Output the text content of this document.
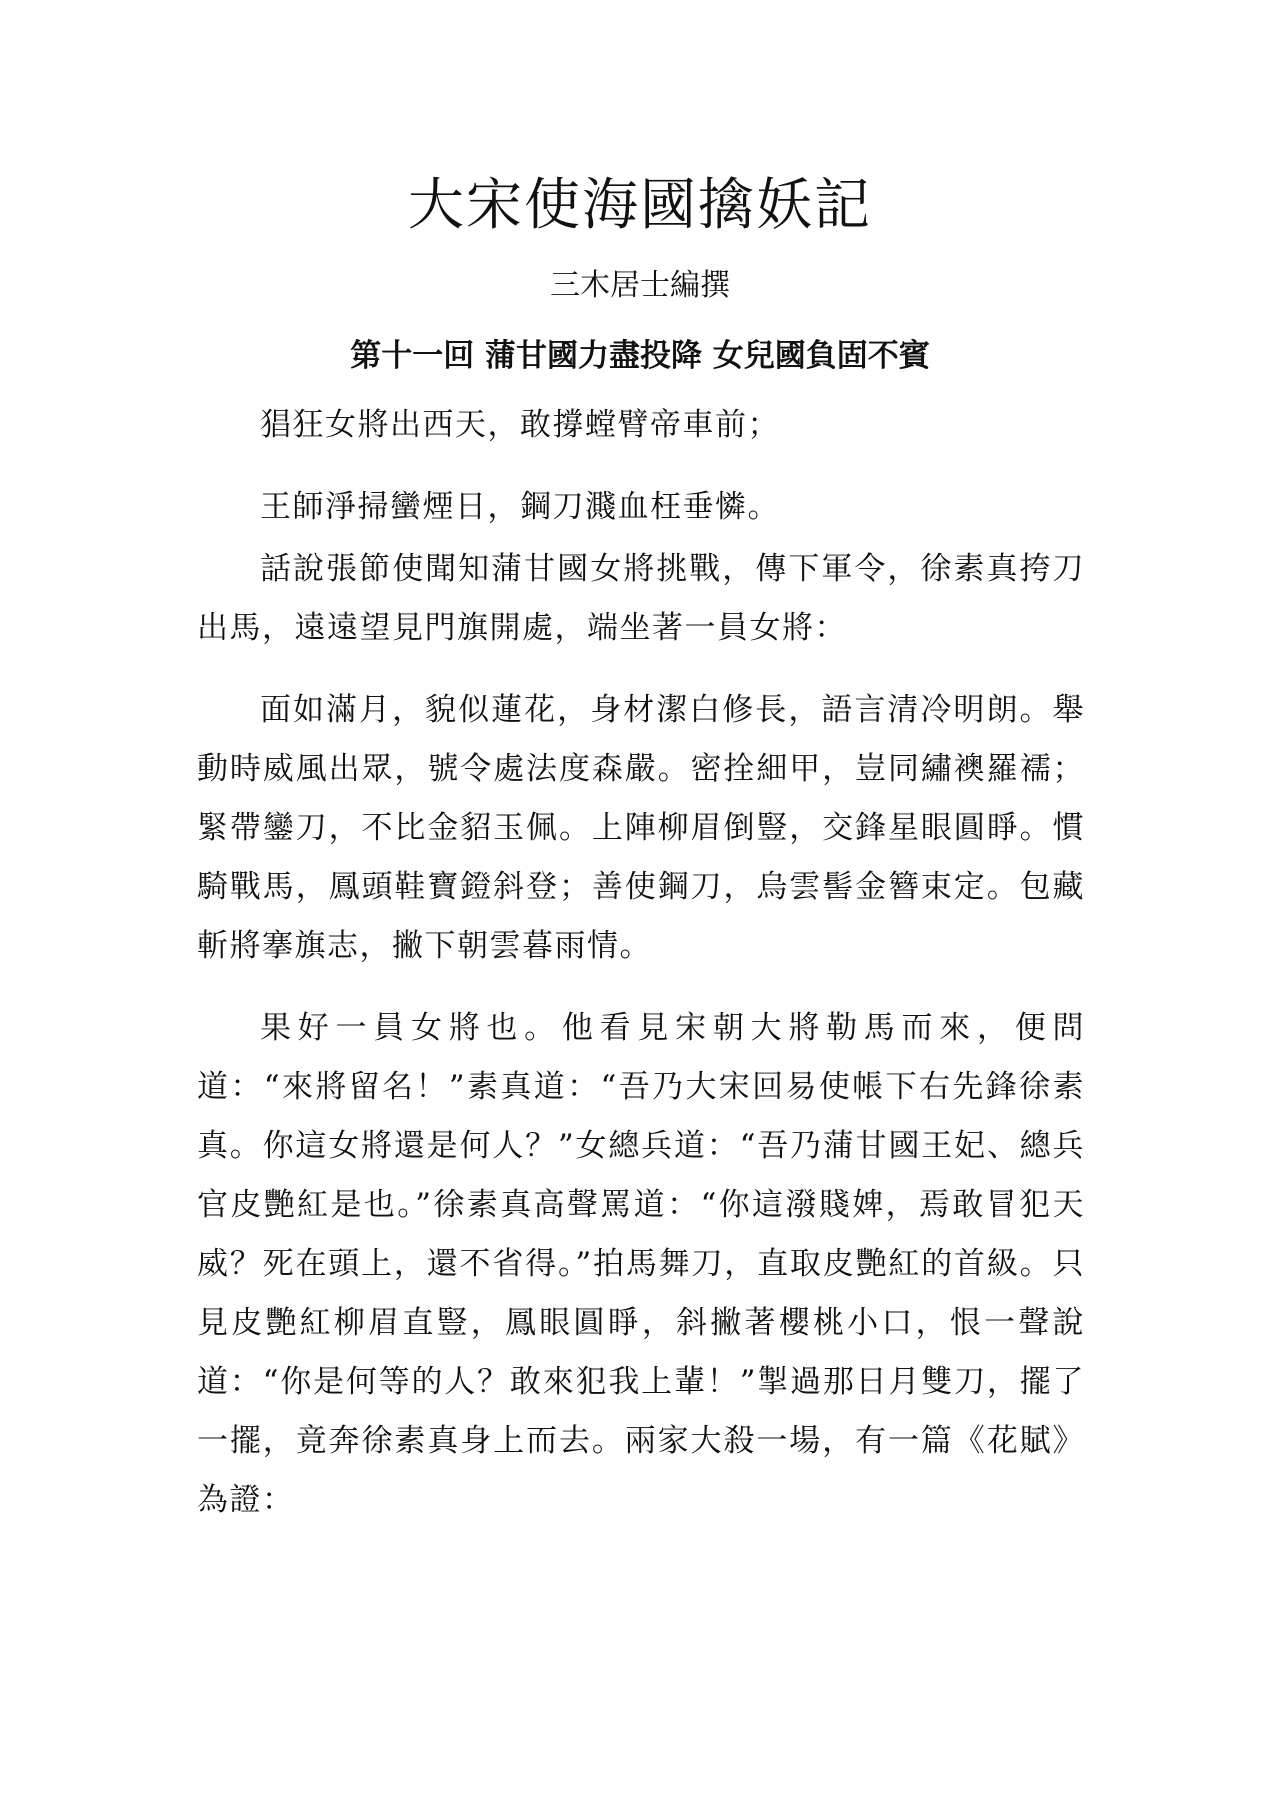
大宋使海國擒妖記
三木居士編撰
第十一回 蒲甘國力盡投降 女兒國負固不賓

猖狂女將出西天，敢撐螳臂帝車前；

王師淨掃蠻煙日，鋼刀濺血枉垂憐。

話說張節使聞知蒲甘國女將挑戰，傳下軍令，徐素真挎刀出馬，遠遠望見門旗開處，端坐著一員女將：

面如滿月，貌似蓮花，身材潔白修長，語言清冷明朗。舉動時威風出眾，號令處法度森嚴。密拴細甲，豈同繡襖羅襦；緊帶鑾刀，不比金貂玉佩。上陣柳眉倒豎，交鋒星眼圓睜。慣騎戰馬，鳳頭鞋寶鐙斜登；善使鋼刀，烏雲髻金簪束定。包藏斬將搴旗志，撇下朝雲暮雨情。

果好一員女將也。他看見宋朝大將勒馬而來，便問道：“來將留名！”素真道：“吾乃大宋回易使帳下右先鋒徐素真。你這女將還是何人？”女總兵道：“吾乃蒲甘國王妃、總兵官皮艷紅是也。”徐素真高聲罵道：“你這潑賤婢，焉敢冒犯天威？死在頭上，還不省得。”拍馬舞刀，直取皮艷紅的首級。只見皮艷紅柳眉直豎，鳳眼圓睜，斜撇著櫻桃小口，恨一聲說道：“你是何等的人？敢來犯我上輩！”掣過那日月雙刀，擺了一擺，竟奔徐素真身上而去。兩家大殺一場，有一篇《花賦》為證：
